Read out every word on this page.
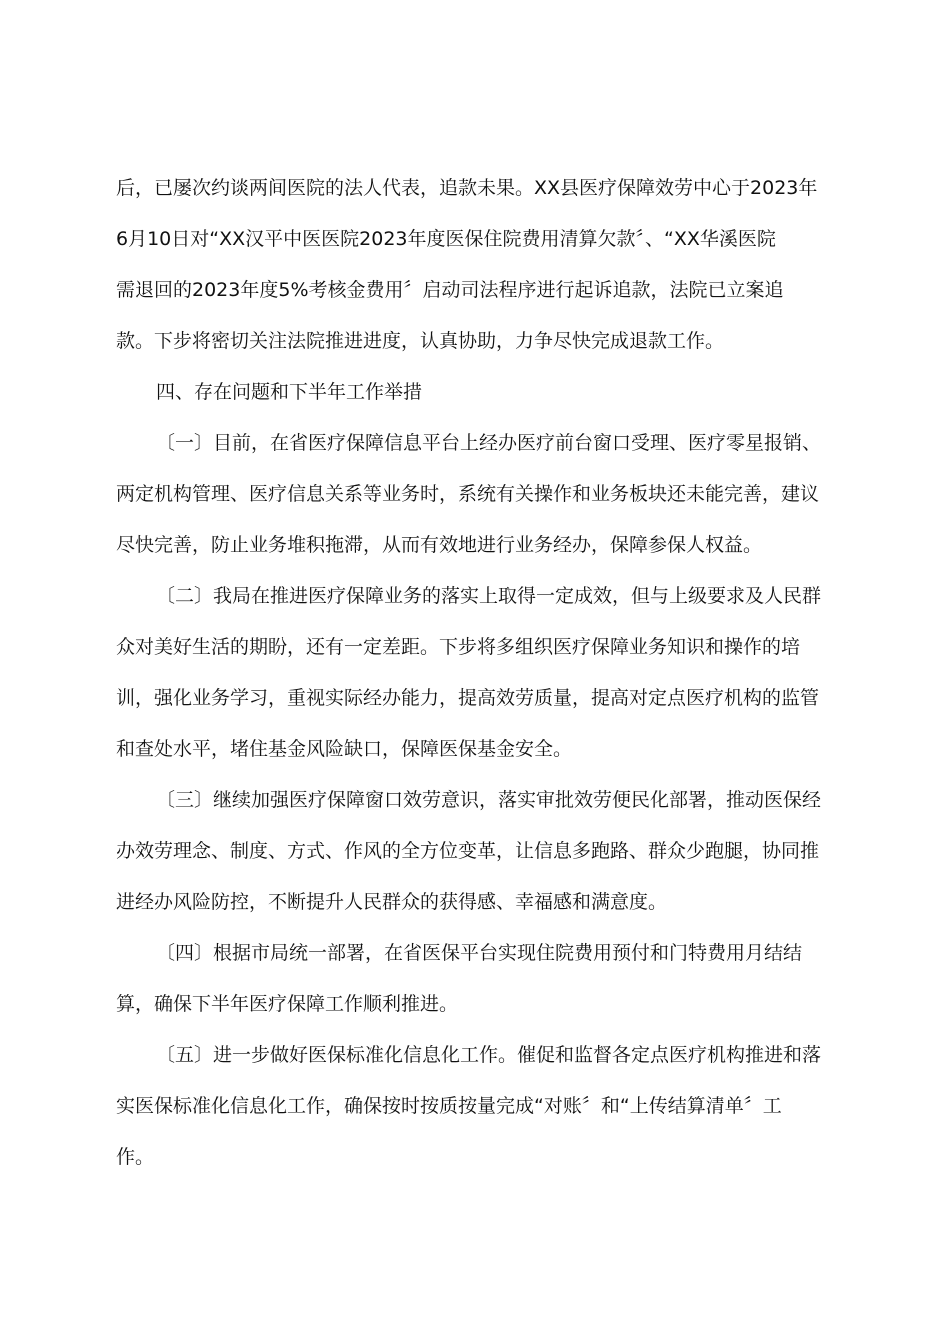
后，已屡次约谈两间医院的法人代表，追款未果。XX县医疗保障效劳中心于2023年
6月10日对“XX汉平中医医院2023年度医保住院费用清算欠款〞、“XX华溪医院
需退回的2023年度5%考核金费用〞启动司法程序进行起诉追款，法院已立案追
款。下步将密切关注法院推进进度，认真协助，力争尽快完成退款工作。
四、存在问题和下半年工作举措
〔一〕目前，在省医疗保障信息平台上经办医疗前台窗口受理、医疗零星报销、
两定机构管理、医疗信息关系等业务时，系统有关操作和业务板块还未能完善，建议
尽快完善，防止业务堆积拖滞，从而有效地进行业务经办，保障参保人权益。
〔二〕我局在推进医疗保障业务的落实上取得一定成效，但与上级要求及人民群
众对美好生活的期盼，还有一定差距。下步将多组织医疗保障业务知识和操作的培
训，强化业务学习，重视实际经办能力，提高效劳质量，提高对定点医疗机构的监管
和查处水平，堵住基金风险缺口，保障医保基金安全。
〔三〕继续加强医疗保障窗口效劳意识，落实审批效劳便民化部署，推动医保经
办效劳理念、制度、方式、作风的全方位变革，让信息多跑路、群众少跑腿，协同推
进经办风险防控，不断提升人民群众的获得感、幸福感和满意度。
〔四〕根据市局统一部署，在省医保平台实现住院费用预付和门特费用月结结
算，确保下半年医疗保障工作顺利推进。
〔五〕进一步做好医保标准化信息化工作。催促和监督各定点医疗机构推进和落
实医保标准化信息化工作，确保按时按质按量完成“对账〞和“上传结算清单〞工
作。
